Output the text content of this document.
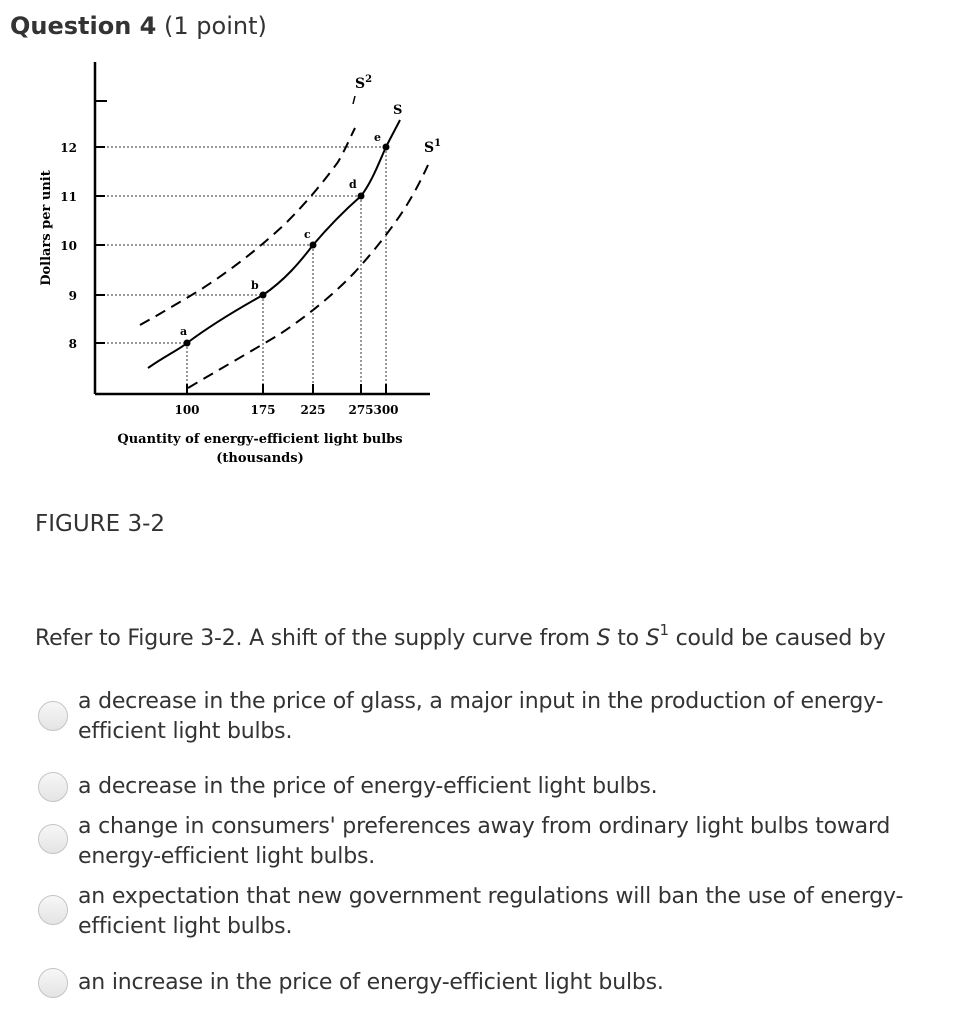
Question 4 (1 point)
12
11
10
9
8
100	175 225 275 300
a
b
c
d
e
Dollars per unit
Quantity of energy-efficient light bulbs
(thousands)
$S^2$
S
$S^1$
FIGURE 3-2
Refer to Figure 3-2. A shift of the supply curve from S to $S^1$ could be caused by
a decrease in the price of glass, a major input in the production of energy-efficient light bulbs.
a decrease in the price of energy-efficient light bulbs.
a change in consumers' preferences away from ordinary light bulbs toward energy-efficient light bulbs.
an expectation that new government regulations will ban the use of energy-efficient light bulbs.
an increase in the price of energy-efficient light bulbs.
